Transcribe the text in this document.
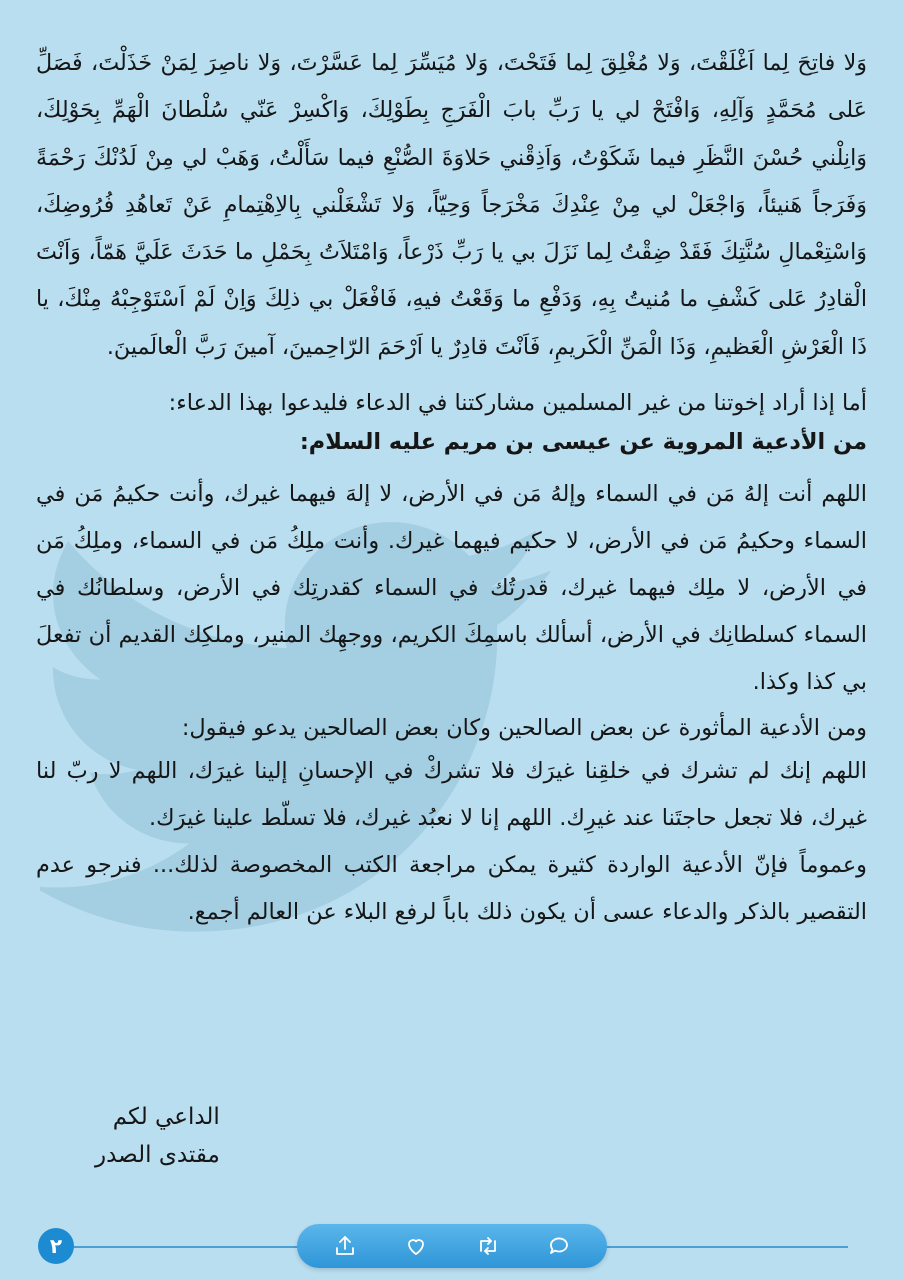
وَلا فاتِحَ لِما اَغْلَقْتَ، وَلا مُغْلِقَ لِما فَتَحْتَ، وَلا مُيَسِّرَ لِما عَسَّرْتَ، وَلا ناصِرَ لِمَنْ خَذَلْتَ، فَصَلِّ عَلى مُحَمَّدٍ وَآلِهِ، وَافْتَحْ لي يا رَبِّ بابَ الْفَرَجِ بِطَوْلِكَ، وَاكْسِرْ عَنّي سُلْطانَ الْهَمِّ بِحَوْلِكَ، وَانِلْني حُسْنَ النَّظَرِ فيما شَكَوْتُ، وَاَذِقْني حَلاوَةَ الصُّنْعِ فيما سَأَلْتُ، وَهَبْ لي مِنْ لَدُنْكَ رَحْمَةً وَفَرَجاً هَنيئاً، وَاجْعَلْ لي مِنْ عِنْدِكَ مَخْرَجاً وَحِيّاً، وَلا تَشْغَلْني بِالاِهْتِمامِ عَنْ تَعاهُدِ فُرُوضِكَ، وَاسْتِعْمالِ سُنَّتِكَ فَقَدْ ضِقْتُ لِما نَزَلَ بي يا رَبِّ ذَرْعاً، وَامْتَلاَتُ بِحَمْلِ ما حَدَثَ عَلَيَّ هَمّاً، وَاَنْتَ الْقادِرُ عَلى كَشْفِ ما مُنيتُ بِهِ، وَدَفْعِ ما وَقَعْتُ فيهِ، فَافْعَلْ بي ذلِكَ وَاِنْ لَمْ اَسْتَوْجِبْهُ مِنْكَ، يا ذَا الْعَرْشِ الْعَظيمِ، وَذَا الْمَنِّ الْكَريمِ، فَاَنْتَ قادِرٌ يا اَرْحَمَ الرّاحِمينَ، آمينَ رَبَّ الْعالَمينَ.

أما إذا أراد إخوتنا من غير المسلمين مشاركتنا في الدعاء فليدعوا بهذا الدعاء:

من الأدعية المروية عن عيسى بن مريم عليه السلام:

اللهم أنت إلهُ مَن في السماء وإلهُ مَن في الأرض، لا إلهَ فيهما غيرك، وأنت حكيمُ مَن في السماء وحكيمُ مَن في الأرض، لا حكيم فيهما غيرك. وأنت ملِكُ مَن في السماء، وملِكُ مَن في الأرض، لا ملِك فيهما غيرك، قدرتُك في السماء كقدرتِك في الأرض، وسلطانُك في السماء كسلطانِك في الأرض، أسألك باسمِكَ الكريم، ووجهِك المنير، وملكِك القديم أن تفعلَ بي كذا وكذا.

ومن الأدعية المأثورة عن بعض الصالحين وكان بعض الصالحين يدعو فيقول:

اللهم إنك لم تشرك في خلقِنا غيرَك فلا تشركْ في الإحسانِ إلينا غيرَك، اللهم لا ربّ لنا غيرك، فلا تجعل حاجتَنا عند غيرِك. اللهم إنا لا نعبُد غيرك، فلا تسلّط علينا غيرَك.

وعموماً فإنّ الأدعية الواردة كثيرة يمكن مراجعة الكتب المخصوصة لذلك... فنرجو عدم التقصير بالذكر والدعاء عسى أن يكون ذلك باباً لرفع البلاء عن العالم أجمع.

الداعي لكم
مقتدى الصدر
٢
